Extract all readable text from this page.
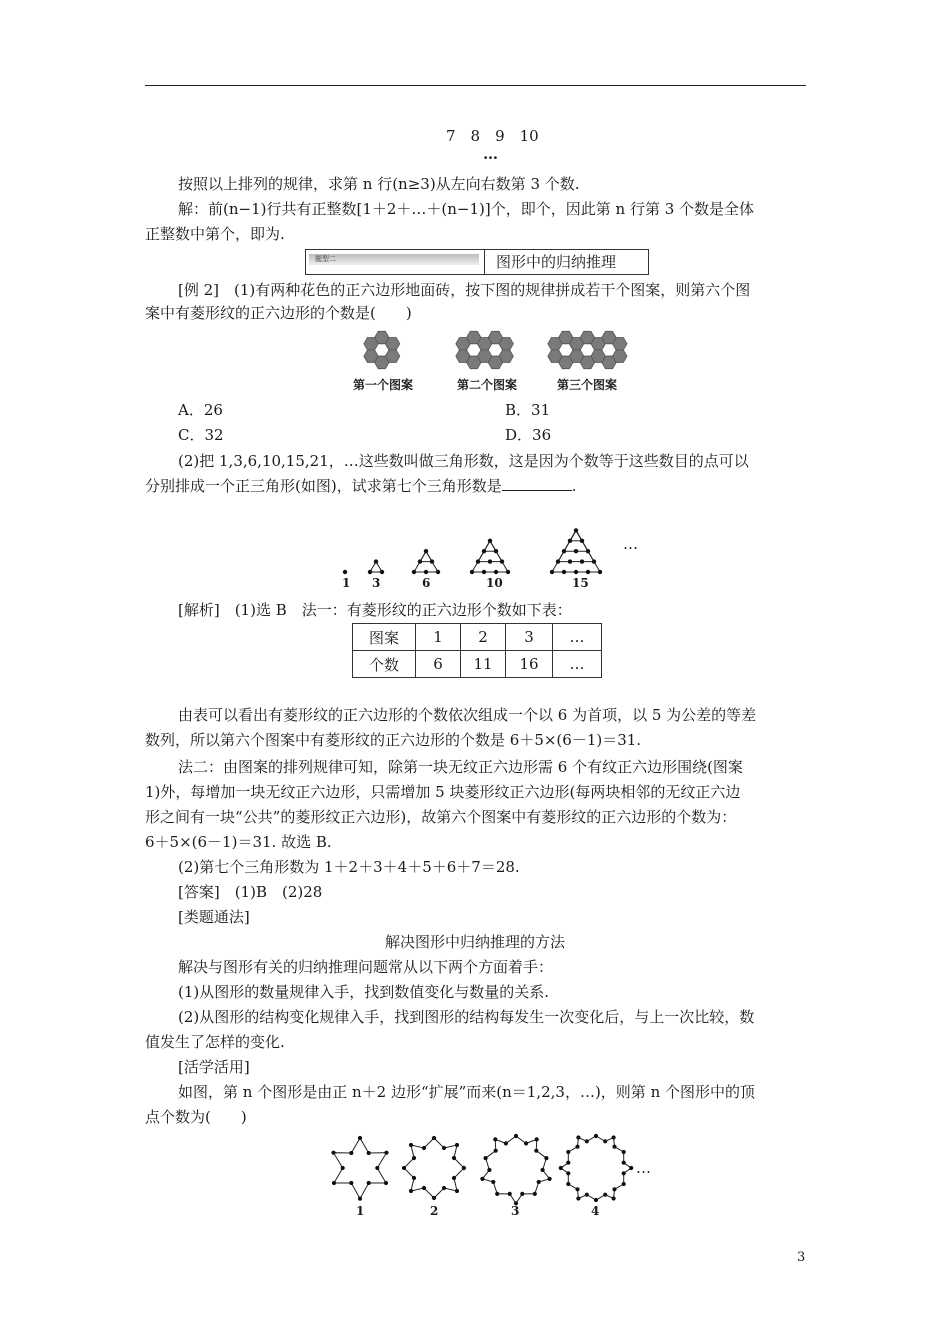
7　8　9　10
…
按照以上排列的规律，求第 n 行(n≥3)从左向右数第 3 个数.
解：前(n−1)行共有正整数[1＋2＋…＋(n−1)]个，即个，因此第 n 行第 3 个数是全体
正整数中第个，即为.
题型二	图形中的归纳推理
[例 2]　(1)有两种花色的正六边形地面砖，按下图的规律拼成若干个图案，则第六个图
案中有菱形纹的正六边形的个数是(　　)
第一个图案	第二个图案	第三个图案
A．26	B．31
C．32	D．36
(2)把 1,3,6,10,15,21，…这些数叫做三角形数，这是因为个数等于这些数目的点可以
分别排成一个正三角形(如图)，试求第七个三角形数是	.
1 3	6	10	15
…
[解析]　(1)选 B　法一：有菱形纹的正六边形个数如下表：
图案	1	2	3	…
个数	6	11	16	…
由表可以看出有菱形纹的正六边形的个数依次组成一个以 6 为首项，以 5 为公差的等差
数列，所以第六个图案中有菱形纹的正六边形的个数是 6＋5×(6－1)＝31.
法二：由图案的排列规律可知，除第一块无纹正六边形需 6 个有纹正六边形围绕(图案
1)外，每增加一块无纹正六边形，只需增加 5 块菱形纹正六边形(每两块相邻的无纹正六边
形之间有一块“公共”的菱形纹正六边形)，故第六个图案中有菱形纹的正六边形的个数为：
6＋5×(6－1)＝31. 故选 B.
(2)第七个三角形数为 1＋2＋3＋4＋5＋6＋7＝28.
[答案]　(1)B　(2)28
[类题通法]
解决图形中归纳推理的方法
解决与图形有关的归纳推理问题常从以下两个方面着手：
(1)从图形的数量规律入手，找到数值变化与数量的关系.
(2)从图形的结构变化规律入手，找到图形的结构每发生一次变化后，与上一次比较，数
值发生了怎样的变化.
[活学活用]
如图，第 n 个图形是由正 n＋2 边形“扩展”而来(n＝1,2,3，…)，则第 n 个图形中的顶
点个数为(　　)
1	2	3	4
…
3
